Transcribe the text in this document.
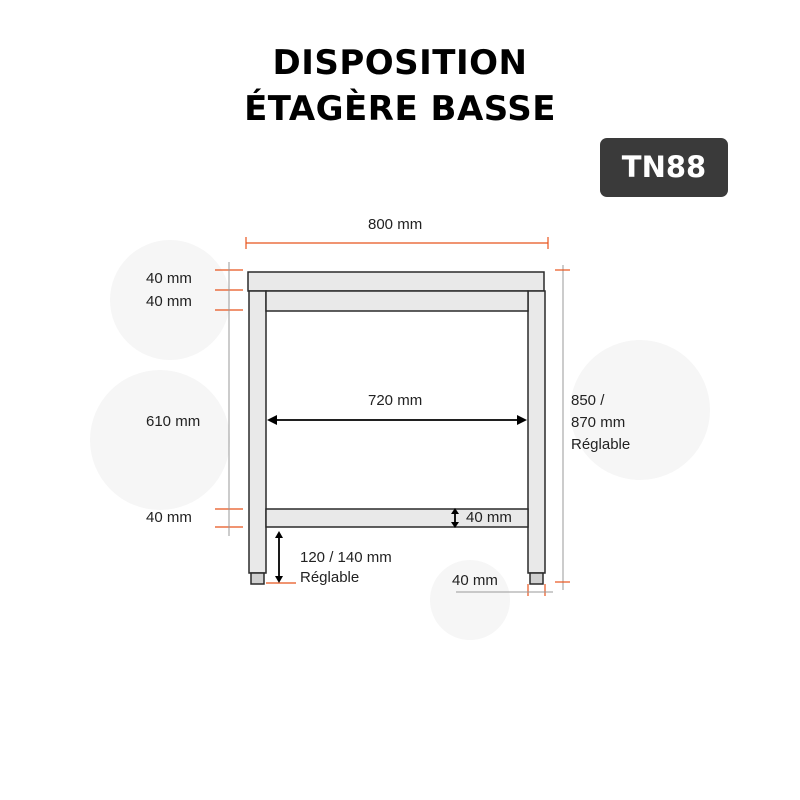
DISPOSITION
ÉTAGÈRE BASSE
TN88
800 mm
40 mm
40 mm
610 mm
40 mm
720 mm	850 /
870 mm
Réglable
40 mm
120 / 140 mm
Réglable	40 mm
